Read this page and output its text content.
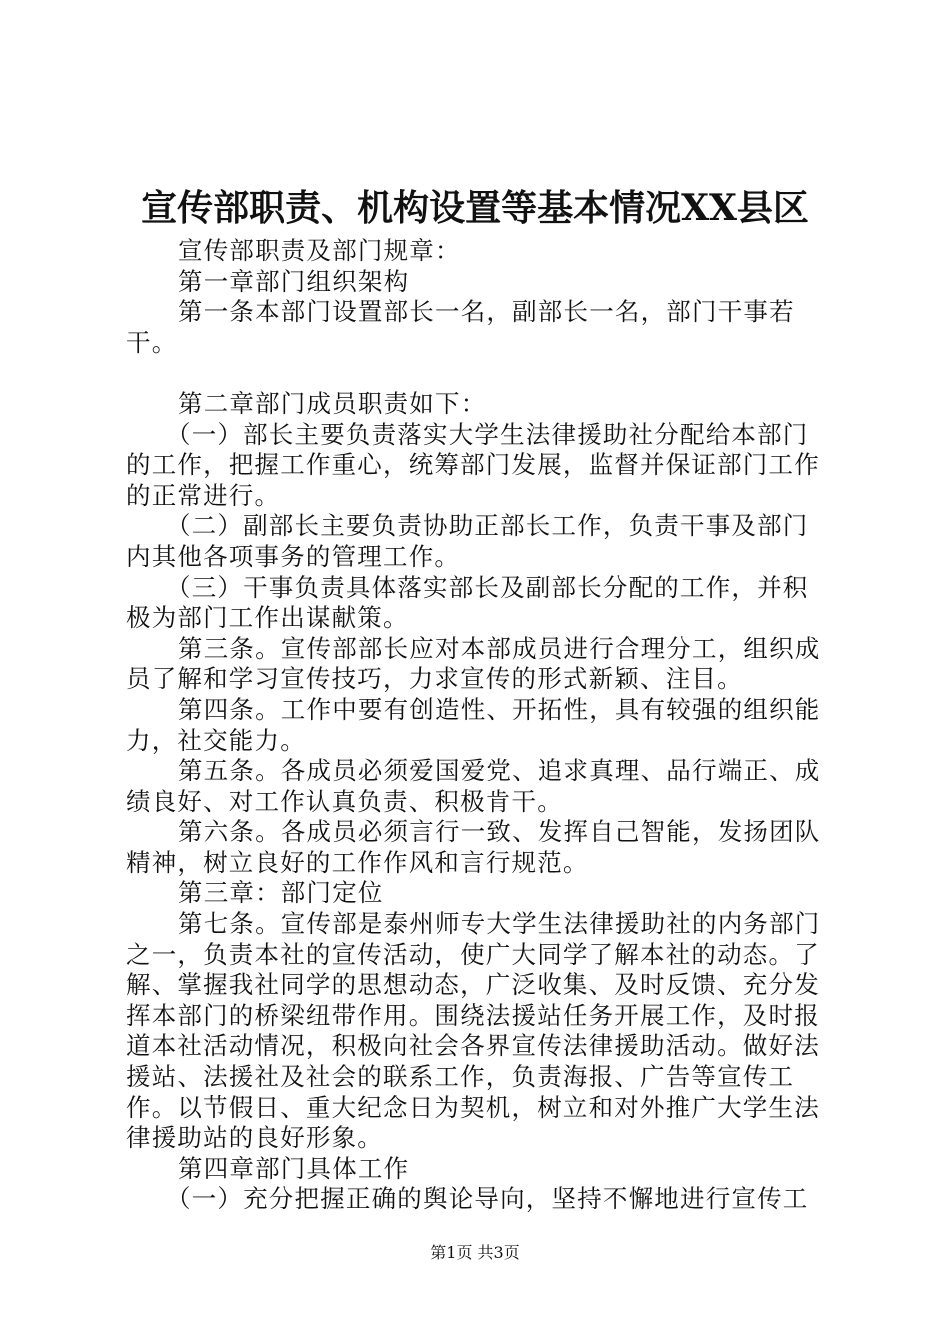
宣传部职责、机构设置等基本情况XX县区

宣传部职责及部门规章：

第一章部门组织架构

第一条本部门设置部长一名，副部长一名，部门干事若干。

第二章部门成员职责如下：

（一）部长主要负责落实大学生法律援助社分配给本部门的工作，把握工作重心，统筹部门发展，监督并保证部门工作的正常进行。

（二）副部长主要负责协助正部长工作，负责干事及部门内其他各项事务的管理工作。

（三）干事负责具体落实部长及副部长分配的工作，并积极为部门工作出谋献策。

第三条。宣传部部长应对本部成员进行合理分工，组织成员了解和学习宣传技巧，力求宣传的形式新颖、注目。

第四条。工作中要有创造性、开拓性，具有较强的组织能力，社交能力。

第五条。各成员必须爱国爱党、追求真理、品行端正、成绩良好、对工作认真负责、积极肯干。

第六条。各成员必须言行一致、发挥自己智能，发扬团队精神，树立良好的工作作风和言行规范。

第三章：部门定位

第七条。宣传部是泰州师专大学生法律援助社的内务部门之一，负责本社的宣传活动，使广大同学了解本社的动态。了解、掌握我社同学的思想动态，广泛收集、及时反馈、充分发挥本部门的桥梁纽带作用。围绕法援站任务开展工作，及时报道本社活动情况，积极向社会各界宣传法律援助活动。做好法援站、法援社及社会的联系工作，负责海报、广告等宣传工作。以节假日、重大纪念日为契机，树立和对外推广大学生法律援助站的良好形象。

第四章部门具体工作

（一）充分把握正确的舆论导向，坚持不懈地进行宣传工

第1页 共3页
